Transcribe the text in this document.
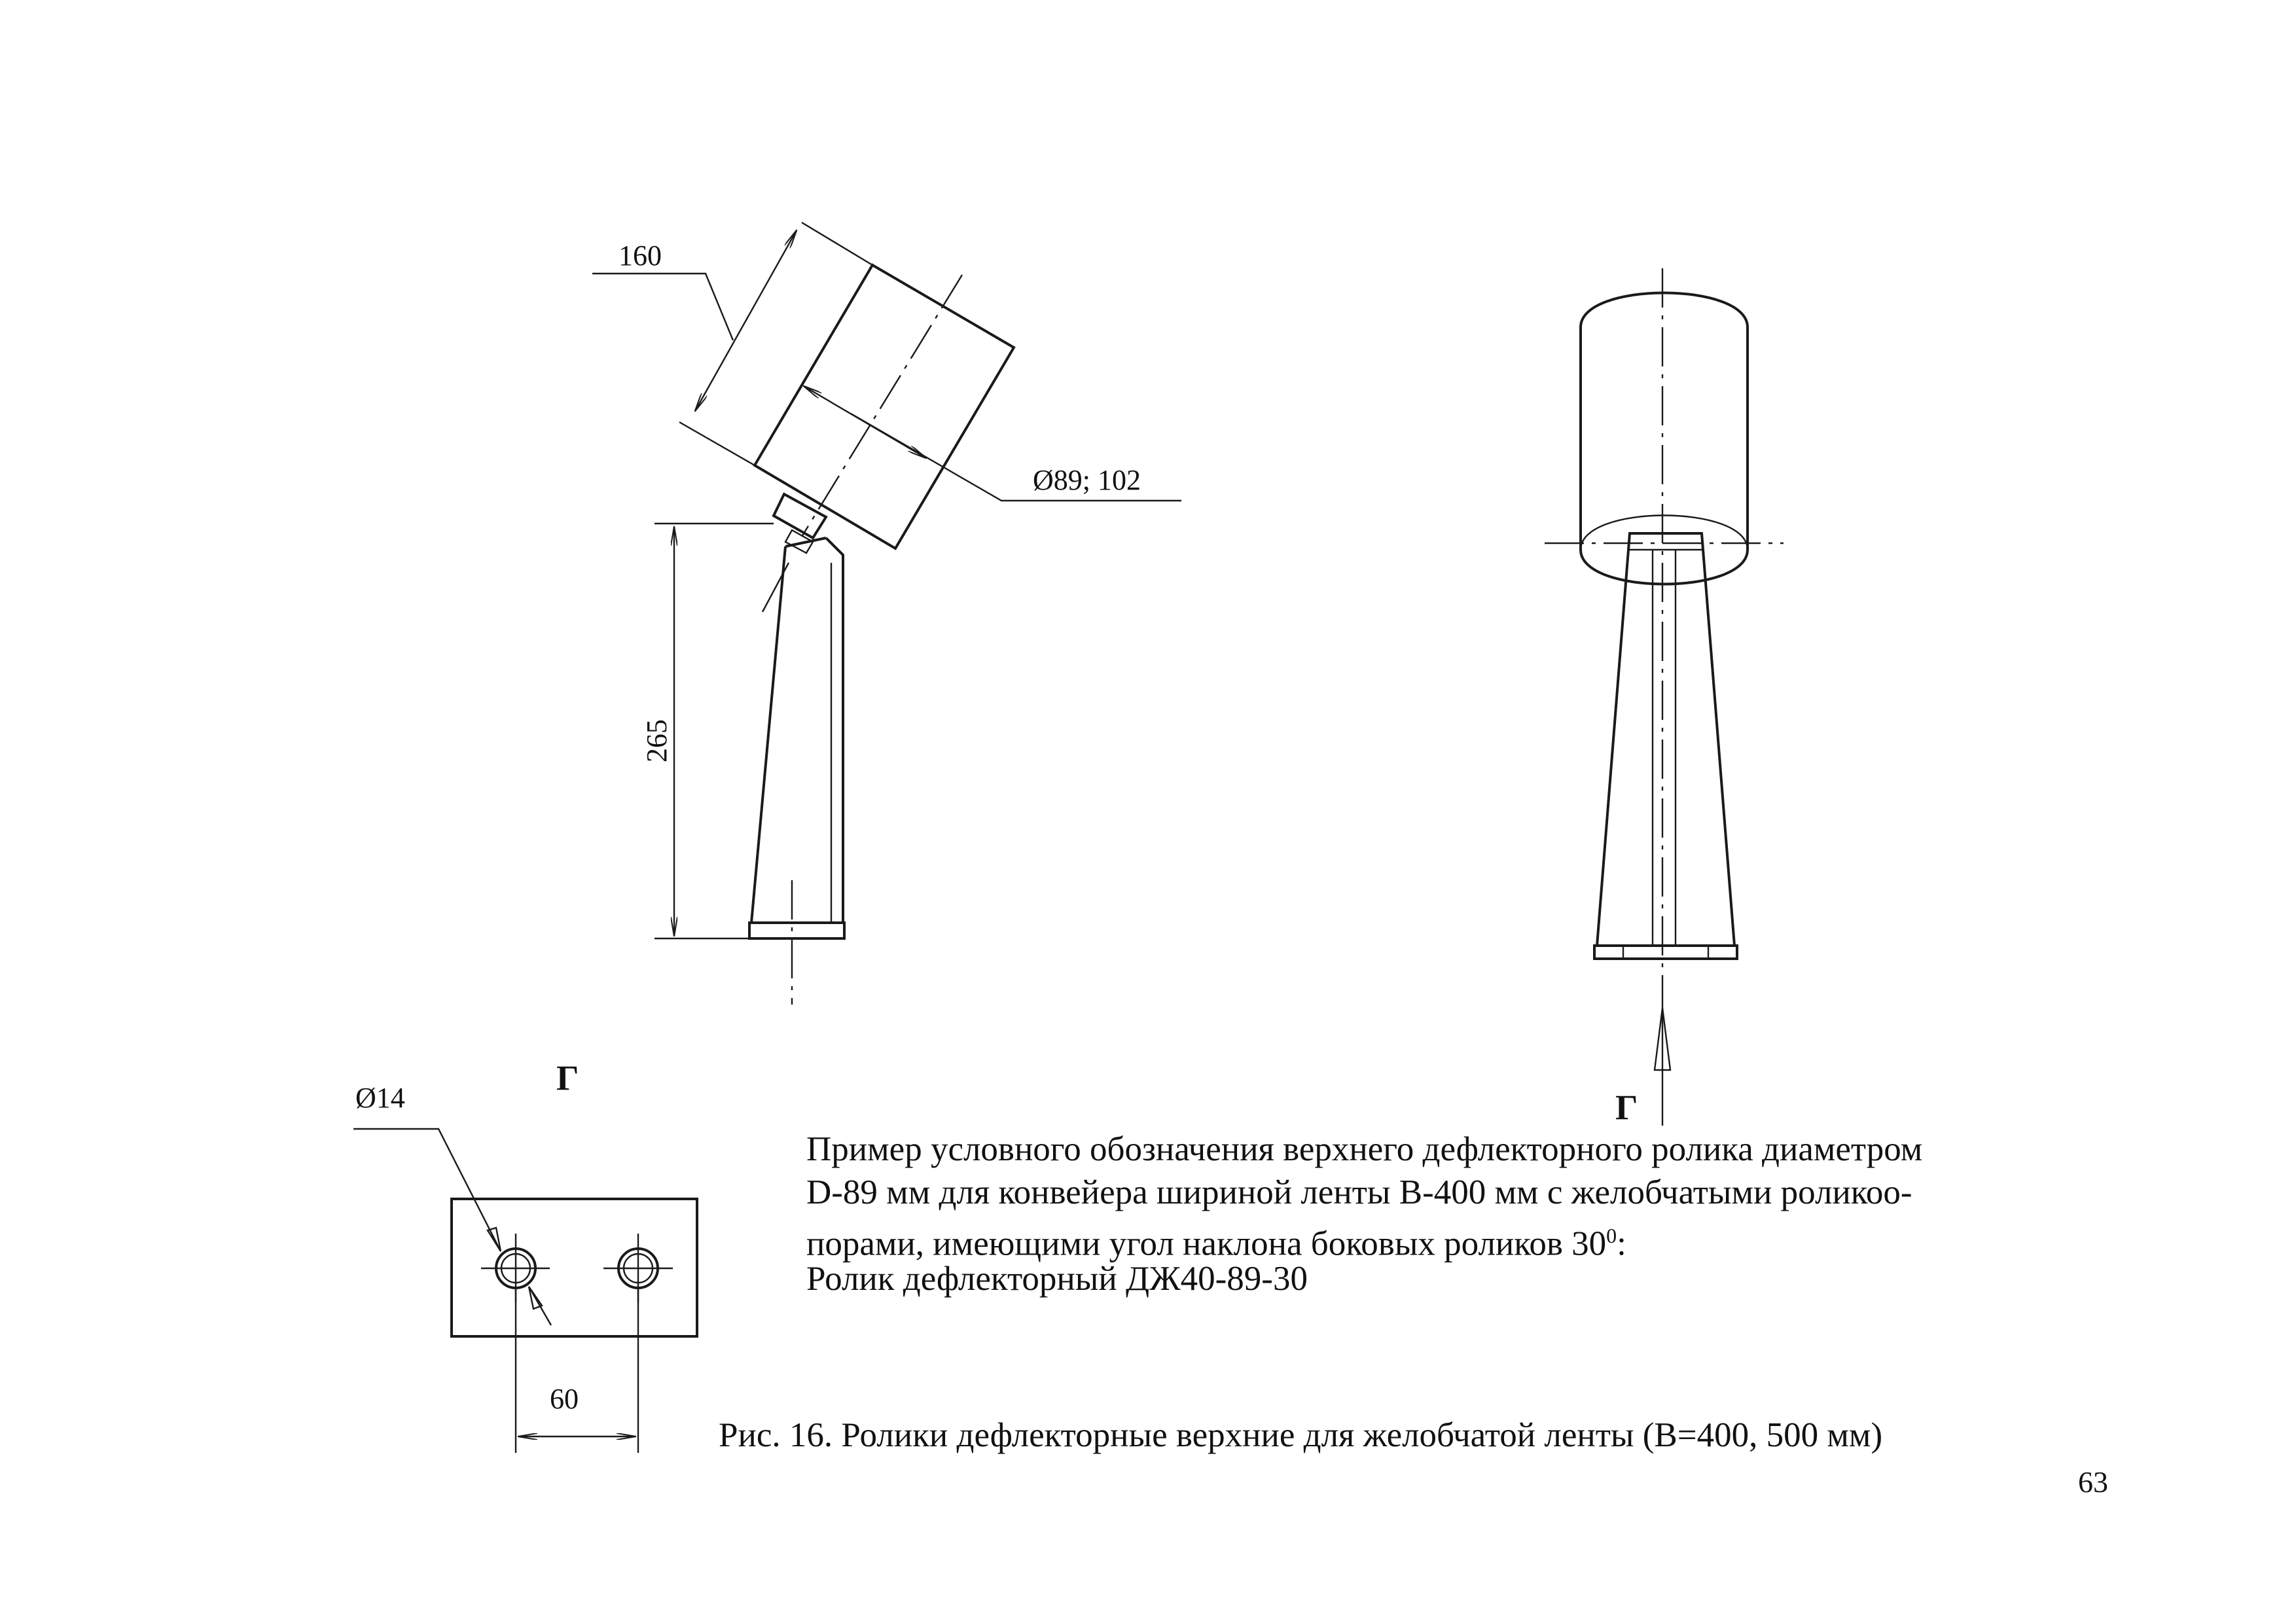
Ø89; 102
160
265
Г
Г
Ø14
60
Пример условного обозначения верхнего дефлекторного ролика диаметром
D-89 мм для конвейера шириной ленты В-400 мм с желобчатыми роликоо-
порами, имеющими угол наклона боковых роликов $30^0$:
Ролик дефлекторный ДЖ40-89-30
Рис. 16. Ролики дефлекторные верхние для желобчатой ленты (В=400, 500 мм)
63
